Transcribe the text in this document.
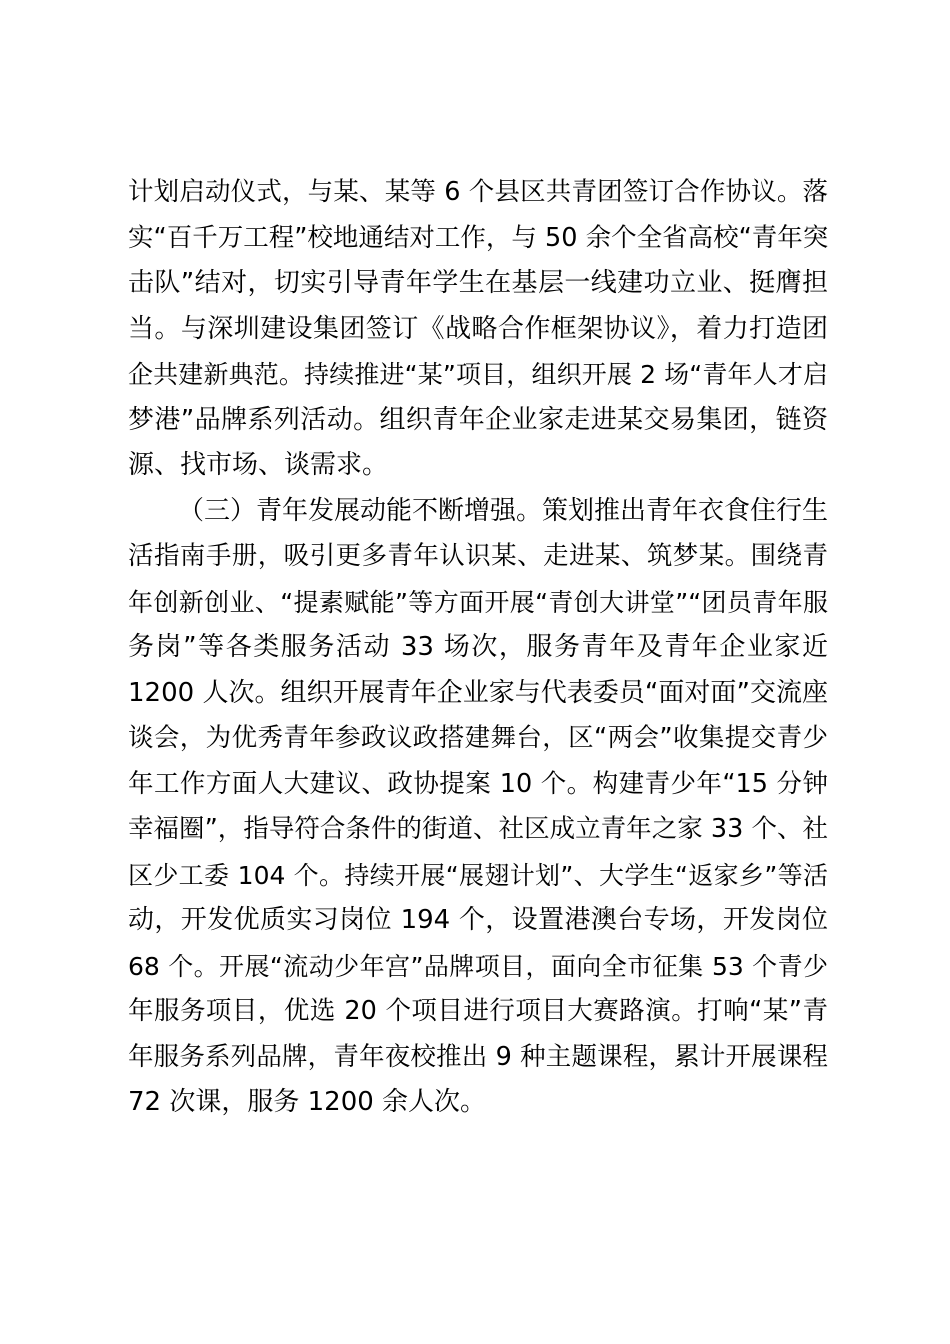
计划启动仪式，与某、某等 6 个县区共青团签订合作协议。落
实“百千万工程”校地通结对工作，与 50 余个全省高校“青年突
击队”结对，切实引导青年学生在基层一线建功立业、挺膺担
当。与深圳建设集团签订《战略合作框架协议》，着力打造团
企共建新典范。持续推进“某”项目，组织开展 2 场“青年人才启
梦港”品牌系列活动。组织青年企业家走进某交易集团，链资
源、找市场、谈需求。
（三）青年发展动能不断增强。策划推出青年衣食住行生
活指南手册，吸引更多青年认识某、走进某、筑梦某。围绕青
年创新创业、“提素赋能”等方面开展“青创大讲堂”“团员青年服
务岗”等各类服务活动 33 场次，服务青年及青年企业家近
1200 人次。组织开展青年企业家与代表委员“面对面”交流座
谈会，为优秀青年参政议政搭建舞台，区“两会”收集提交青少
年工作方面人大建议、政协提案 10 个。构建青少年“15 分钟
幸福圈”，指导符合条件的街道、社区成立青年之家 33 个、社
区少工委 104 个。持续开展“展翅计划”、大学生“返家乡”等活
动，开发优质实习岗位 194 个，设置港澳台专场，开发岗位
68 个。开展“流动少年宫”品牌项目，面向全市征集 53 个青少
年服务项目，优选 20 个项目进行项目大赛路演。打响“某”青
年服务系列品牌，青年夜校推出 9 种主题课程，累计开展课程
72 次课，服务 1200 余人次。
